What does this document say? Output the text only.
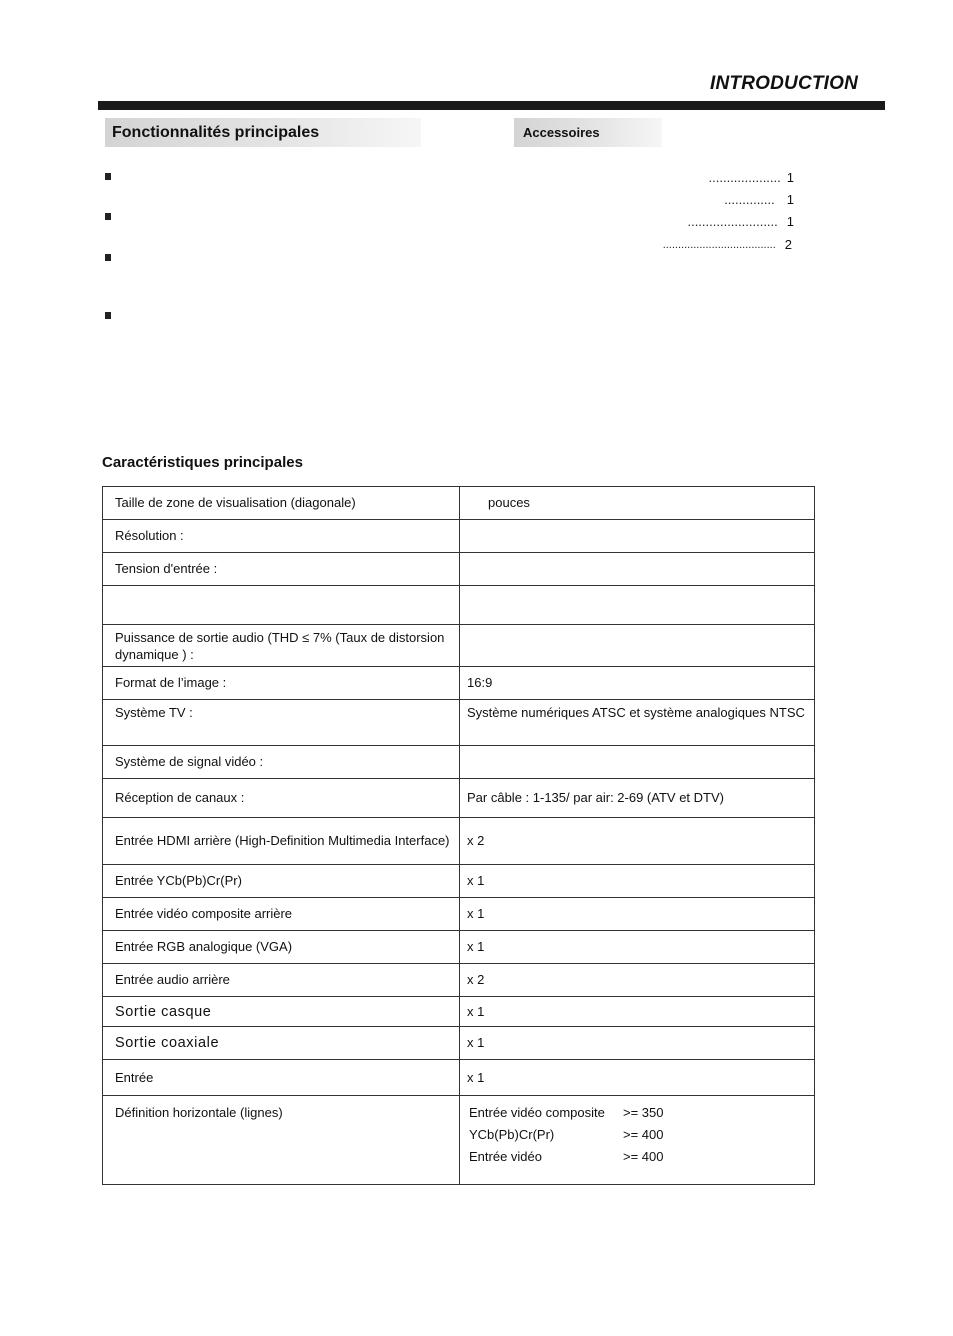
INTRODUCTION
Fonctionnalités principales	Accessoires
.................... 1
.............. 1
......................... 1
..................................... 2
Caractéristiques principales
Taille de zone de visualisation (diagonale)	pouces
Résolution :	
Tension d'entrée :	

Puissance de sortie audio (THD ≤ 7% (Taux de distorsion dynamique ) :	
Format de l’image :	16:9
Système TV :	Système numériques ATSC et système analogiques NTSC
Système de signal vidéo :	
Réception de canaux :	Par câble : 1-135/ par air: 2-69 (ATV et DTV)
Entrée HDMI arrière (High-Definition Multimedia Interface)	x 2
Entrée YCb(Pb)Cr(Pr)	x 1
Entrée vidéo composite arrière	x 1
Entrée RGB analogique (VGA)	x 1
Entrée audio arrière	x 2
Sortie casque	x 1
Sortie coaxiale	x 1
Entrée	x 1
Définition horizontale (lignes)	Entrée vidéo composite >= 350
YCb(Pb)Cr(Pr) >= 400
Entrée vidéo >= 400
